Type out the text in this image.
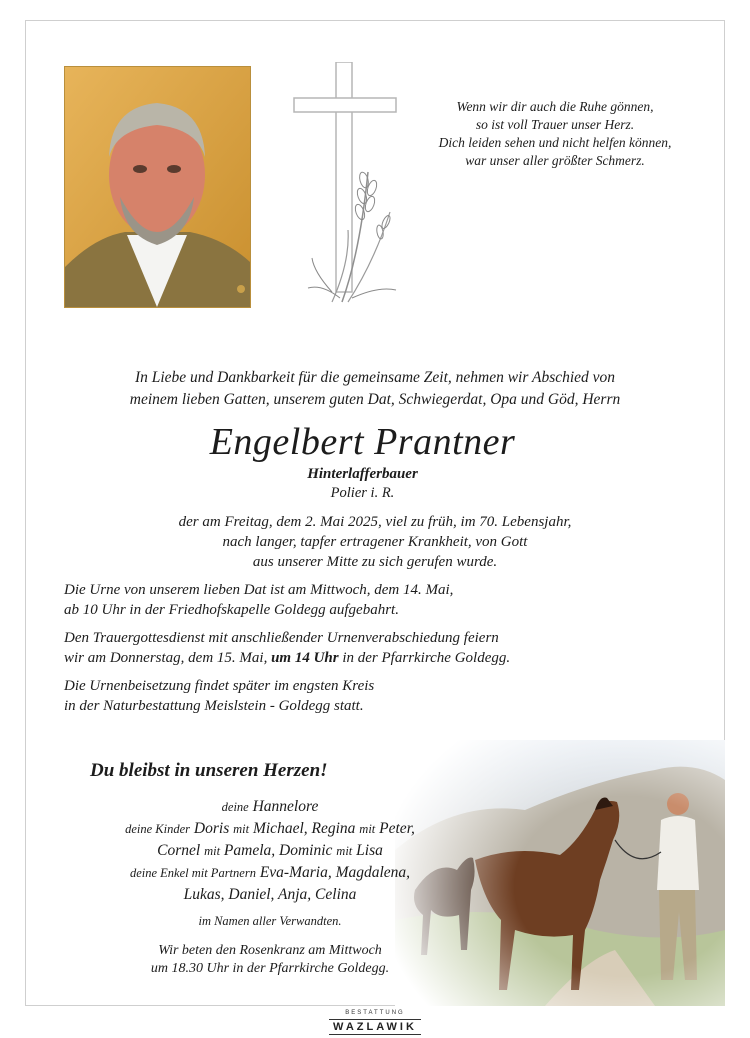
Wenn wir dir auch die Ruhe gönnen,
so ist voll Trauer unser Herz.
Dich leiden sehen und nicht helfen können,
war unser aller größter Schmerz.
In Liebe und Dankbarkeit für die gemeinsame Zeit, nehmen wir Abschied von
meinem lieben Gatten, unserem guten Dat, Schwiegerdat, Opa und Göd, Herrn
Engelbert Prantner
Hinterlafferbauer
Polier i. R.
der am Freitag, dem 2. Mai 2025, viel zu früh, im 70. Lebensjahr,
nach langer, tapfer ertragener Krankheit, von Gott
aus unserer Mitte zu sich gerufen wurde.
Die Urne von unserem lieben Dat ist am Mittwoch, dem 14. Mai,
ab 10 Uhr in der Friedhofskapelle Goldegg aufgebahrt.
Den Trauergottesdienst mit anschließender Urnenverabschiedung feiern
wir am Donnerstag, dem 15. Mai, um 14 Uhr in der Pfarrkirche Goldegg.
Die Urnenbeisetzung findet später im engsten Kreis
in der Naturbestattung Meislstein - Goldegg statt.
Du bleibst in unseren Herzen!
deine Hannelore
deine Kinder Doris mit Michael, Regina mit Peter,
Cornel mit Pamela, Dominic mit Lisa
deine Enkel mit Partnern Eva-Maria, Magdalena,
Lukas, Daniel, Anja, Celina
im Namen aller Verwandten.
Wir beten den Rosenkranz am Mittwoch
um 18.30 Uhr in der Pfarrkirche Goldegg.
BESTATTUNG
WAZLAWIK
